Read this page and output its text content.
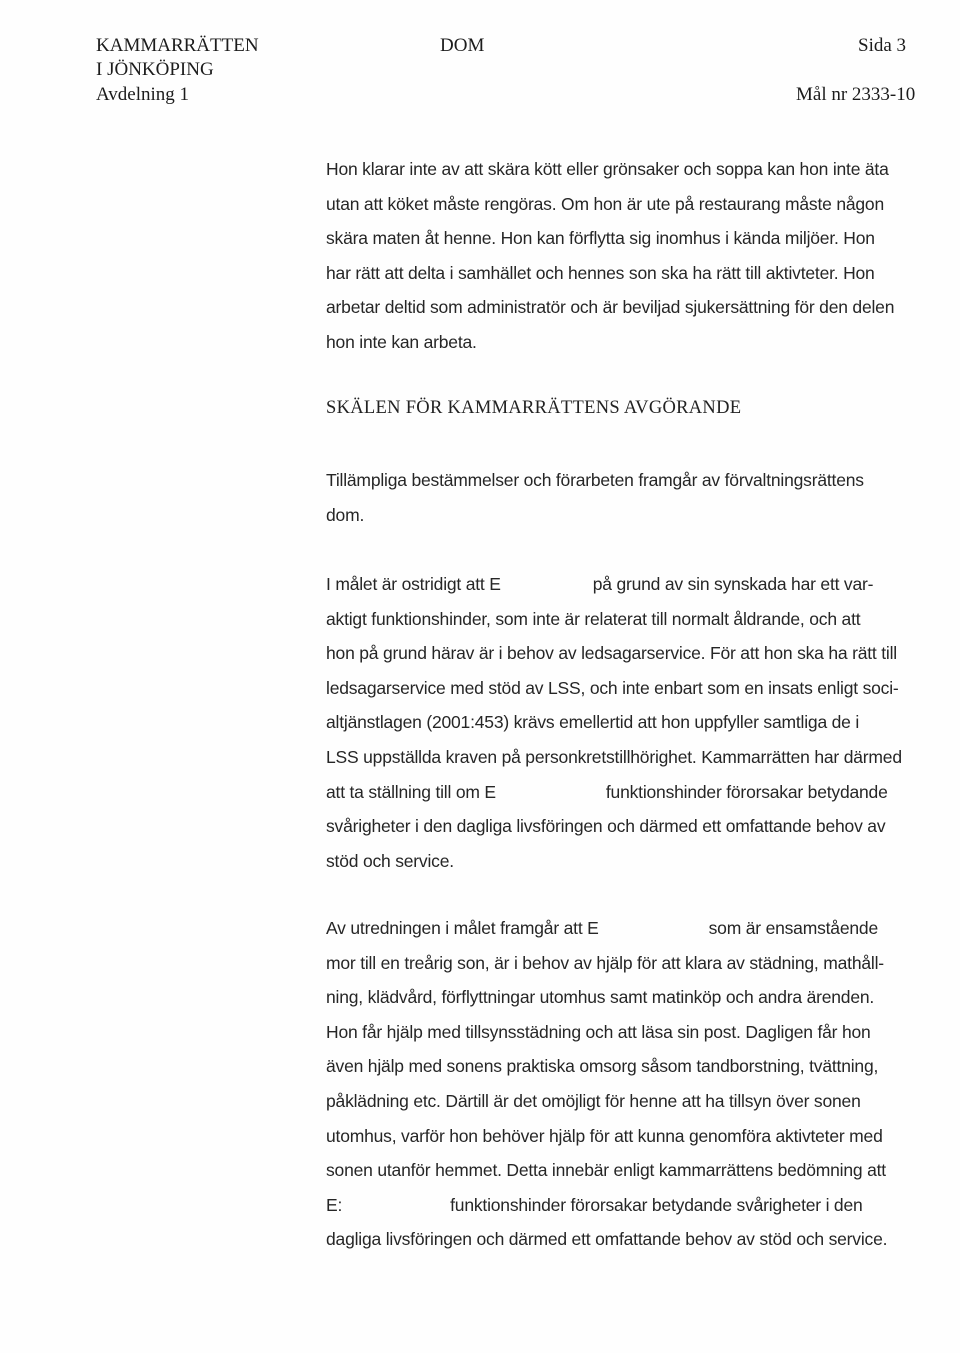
KAMMARRÄTTEN
I JÖNKÖPING
Avdelning 1
DOM	Sida 3
Mål nr 2333-10
Hon klarar inte av att skära kött eller grönsaker och soppa kan hon inte äta
utan att köket måste rengöras. Om hon är ute på restaurang måste någon
skära maten åt henne. Hon kan förflytta sig inomhus i kända miljöer. Hon
har rätt att delta i samhället och hennes son ska ha rätt till aktivteter. Hon
arbetar deltid som administratör och är beviljad sjukersättning för den delen
hon inte kan arbeta.
SKÄLEN FÖR KAMMARRÄTTENS AVGÖRANDE
Tillämpliga bestämmelser och förarbeten framgår av förvaltningsrättens
dom.
I målet är ostridigt att E	på grund av sin synskada har ett var-
aktigt funktionshinder, som inte är relaterat till normalt åldrande, och att
hon på grund härav är i behov av ledsagarservice. För att hon ska ha rätt till
ledsagarservice med stöd av LSS, och inte enbart som en insats enligt soci-
altjänstlagen (2001:453) krävs emellertid att hon uppfyller samtliga de i
LSS uppställda kraven på personkretstillhörighet. Kammarrätten har därmed
att ta ställning till om E	funktionshinder förorsakar betydande
svårigheter i den dagliga livsföringen och därmed ett omfattande behov av
stöd och service.
Av utredningen i målet framgår att E	som är ensamstående
mor till en treårig son, är i behov av hjälp för att klara av städning, mathåll-
ning, klädvård, förflyttningar utomhus samt matinköp och andra ärenden.
Hon får hjälp med tillsynsstädning och att läsa sin post. Dagligen får hon
även hjälp med sonens praktiska omsorg såsom tandborstning, tvättning,
påklädning etc. Därtill är det omöjligt för henne att ha tillsyn över sonen
utomhus, varför hon behöver hjälp för att kunna genomföra aktivteter med
sonen utanför hemmet. Detta innebär enligt kammarrättens bedömning att
E:	funktionshinder förorsakar betydande svårigheter i den
dagliga livsföringen och därmed ett omfattande behov av stöd och service.
